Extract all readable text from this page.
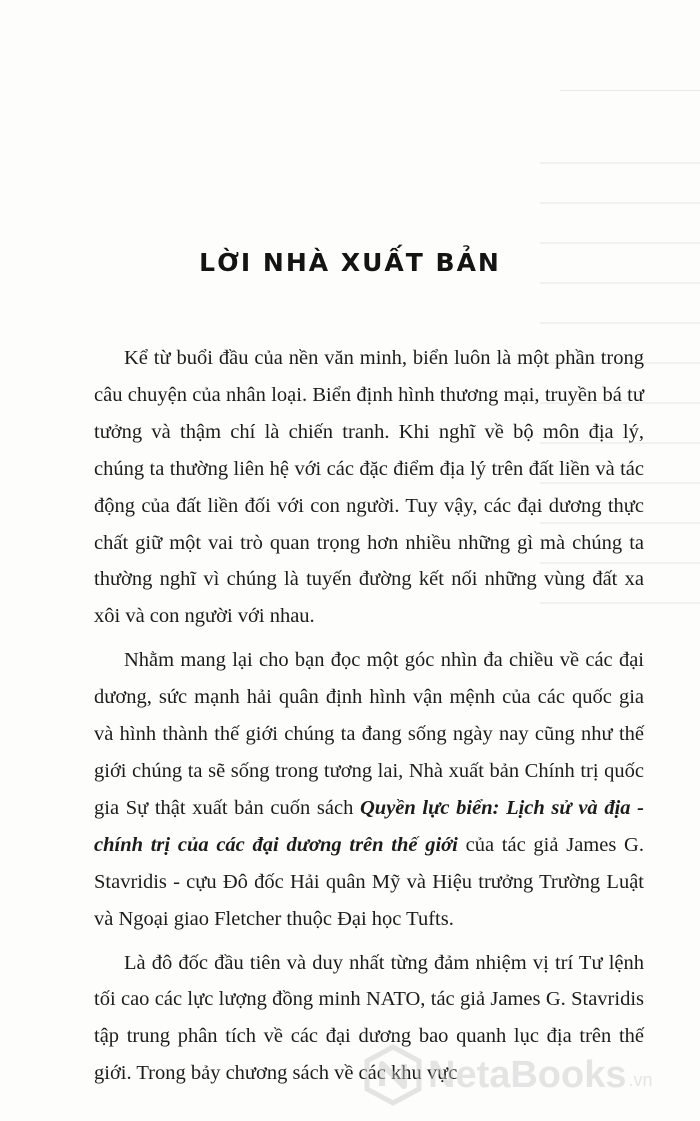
LỜI NHÀ XUẤT BẢN

Kể từ buổi đầu của nền văn minh, biển luôn là một phần trong câu chuyện của nhân loại. Biển định hình thương mại, truyền bá tư tưởng và thậm chí là chiến tranh. Khi nghĩ về bộ môn địa lý, chúng ta thường liên hệ với các đặc điểm địa lý trên đất liền và tác động của đất liền đối với con người. Tuy vậy, các đại dương thực chất giữ một vai trò quan trọng hơn nhiều những gì mà chúng ta thường nghĩ vì chúng là tuyến đường kết nối những vùng đất xa xôi và con người với nhau.

Nhằm mang lại cho bạn đọc một góc nhìn đa chiều về các đại dương, sức mạnh hải quân định hình vận mệnh của các quốc gia và hình thành thế giới chúng ta đang sống ngày nay cũng như thế giới chúng ta sẽ sống trong tương lai, Nhà xuất bản Chính trị quốc gia Sự thật xuất bản cuốn sách Quyền lực biển: Lịch sử và địa - chính trị của các đại dương trên thế giới của tác giả James G. Stavridis - cựu Đô đốc Hải quân Mỹ và Hiệu trưởng Trường Luật và Ngoại giao Fletcher thuộc Đại học Tufts.

Là đô đốc đầu tiên và duy nhất từng đảm nhiệm vị trí Tư lệnh tối cao các lực lượng đồng minh NATO, tác giả James G. Stavridis tập trung phân tích về các đại dương bao quanh lục địa trên thế giới. Trong bảy chương sách về các khu vực

NetaBooks .vn
